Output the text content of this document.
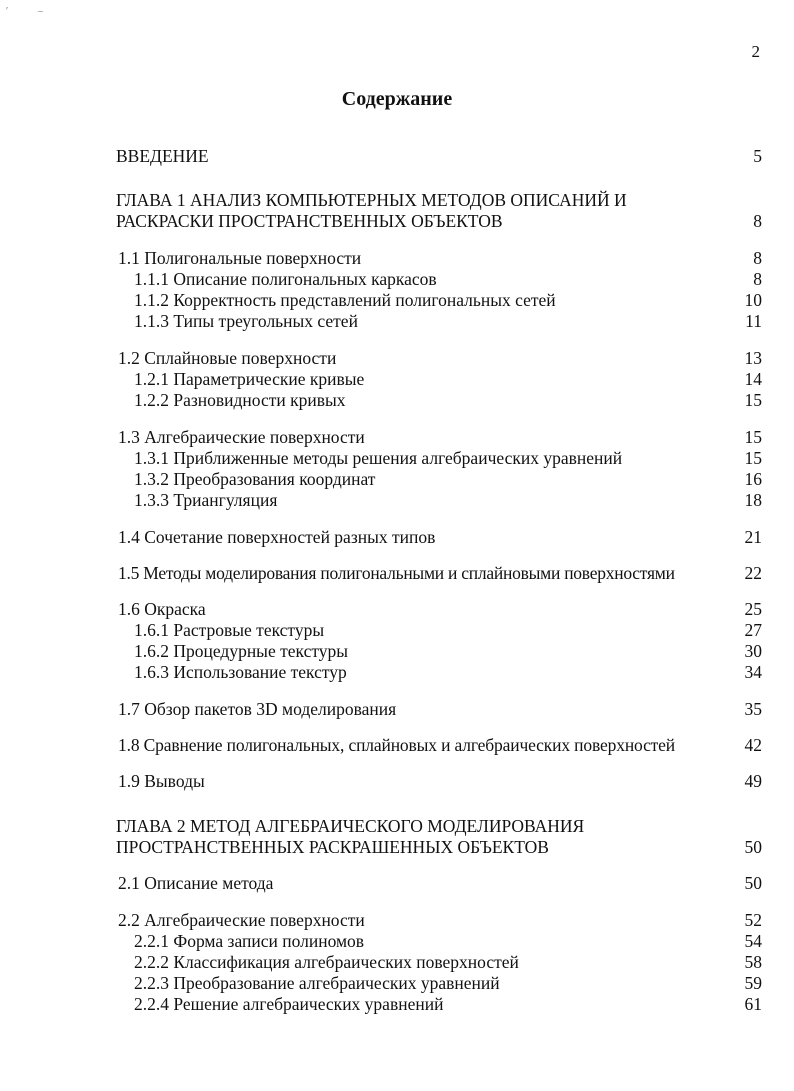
′	–
2
Содержание
ВВЕДЕНИЕ	5
ГЛАВА 1 АНАЛИЗ КОМПЬЮТЕРНЫХ МЕТОДОВ ОПИСАНИЙ И
РАСКРАСКИ ПРОСТРАНСТВЕННЫХ ОБЪЕКТОВ	8
1.1 Полигональные поверхности	8
1.1.1 Описание полигональных каркасов	8
1.1.2 Корректность представлений полигональных сетей	10
1.1.3 Типы треугольных сетей	11
1.2 Сплайновые поверхности	13
1.2.1 Параметрические кривые	14
1.2.2 Разновидности кривых	15
1.3 Алгебраические поверхности	15
1.3.1 Приближенные методы решения алгебраических уравнений	15
1.3.2 Преобразования координат	16
1.3.3 Триангуляция	18
1.4 Сочетание поверхностей разных типов	21
1.5 Методы моделирования полигональными и сплайновыми поверхностями	22
1.6 Окраска	25
1.6.1 Растровые текстуры	27
1.6.2 Процедурные текстуры	30
1.6.3 Использование текстур	34
1.7 Обзор пакетов 3D моделирования	35
1.8 Сравнение полигональных, сплайновых и алгебраических поверхностей	42
1.9 Выводы	49
ГЛАВА 2 МЕТОД АЛГЕБРАИЧЕСКОГО МОДЕЛИРОВАНИЯ
ПРОСТРАНСТВЕННЫХ РАСКРАШЕННЫХ ОБЪЕКТОВ	50
2.1 Описание метода	50
2.2 Алгебраические поверхности	52
2.2.1 Форма записи полиномов	54
2.2.2 Классификация алгебраических поверхностей	58
2.2.3 Преобразование алгебраических уравнений	59
2.2.4 Решение алгебраических уравнений	61
